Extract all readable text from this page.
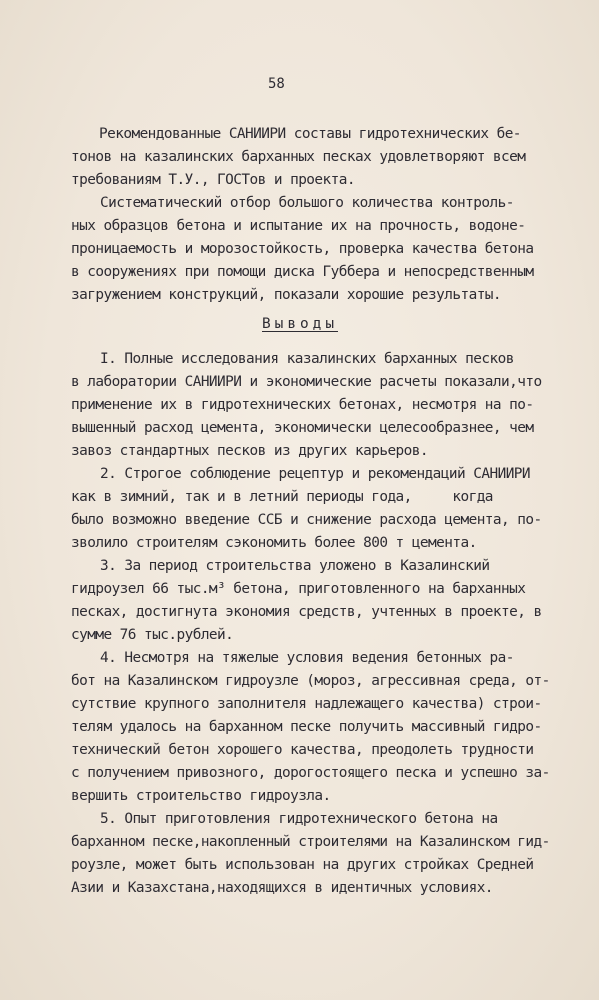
58
Рекомендованные САНИИРИ составы гидротехнических бе-
тонов на казалинских барханных песках удовлетворяют всем
требованиям Т.У., ГОСТов и проекта.
Систематический отбор большого количества контроль-
ных образцов бетона и испытание их на прочность, водоне-
проницаемость и морозостойкость, проверка качества бетона
в сооружениях при помощи диска Губбера и непосредственным
загружением конструкций, показали хорошие результаты.
Выводы
I. Полные исследования казалинских барханных песков
в лаборатории САНИИРИ и экономические расчеты показали,что
применение их в гидротехнических бетонах, несмотря на по-
вышенный расход цемента, экономически целесообразнее, чем
завоз стандартных песков из других карьеров.
2. Строгое соблюдение рецептур и рекомендаций САНИИРИ
как в зимний, так и в летний периоды года,     когда
было возможно введение ССБ и снижение расхода цемента, по-
зволило строителям сэкономить более 800 т цемента.
3. За период строительства уложено в Казалинский
гидроузел 66 тыс.м³ бетона, приготовленного на барханных
песках, достигнута экономия средств, учтенных в проекте, в
сумме 76 тыс.рублей.
4. Несмотря на тяжелые условия ведения бетонных ра-
бот на Казалинском гидроузле (мороз, агрессивная среда, от-
сутствие крупного заполнителя надлежащего качества) строи-
телям удалось на барханном песке получить массивный гидро-
технический бетон хорошего качества, преодолеть трудности
с получением привозного, дорогостоящего песка и успешно за-
вершить строительство гидроузла.
5. Опыт приготовления гидротехнического бетона на
барханном песке,накопленный строителями на Казалинском гид-
роузле, может быть использован на других стройках Средней
Азии и Казахстана,находящихся в идентичных условиях.
